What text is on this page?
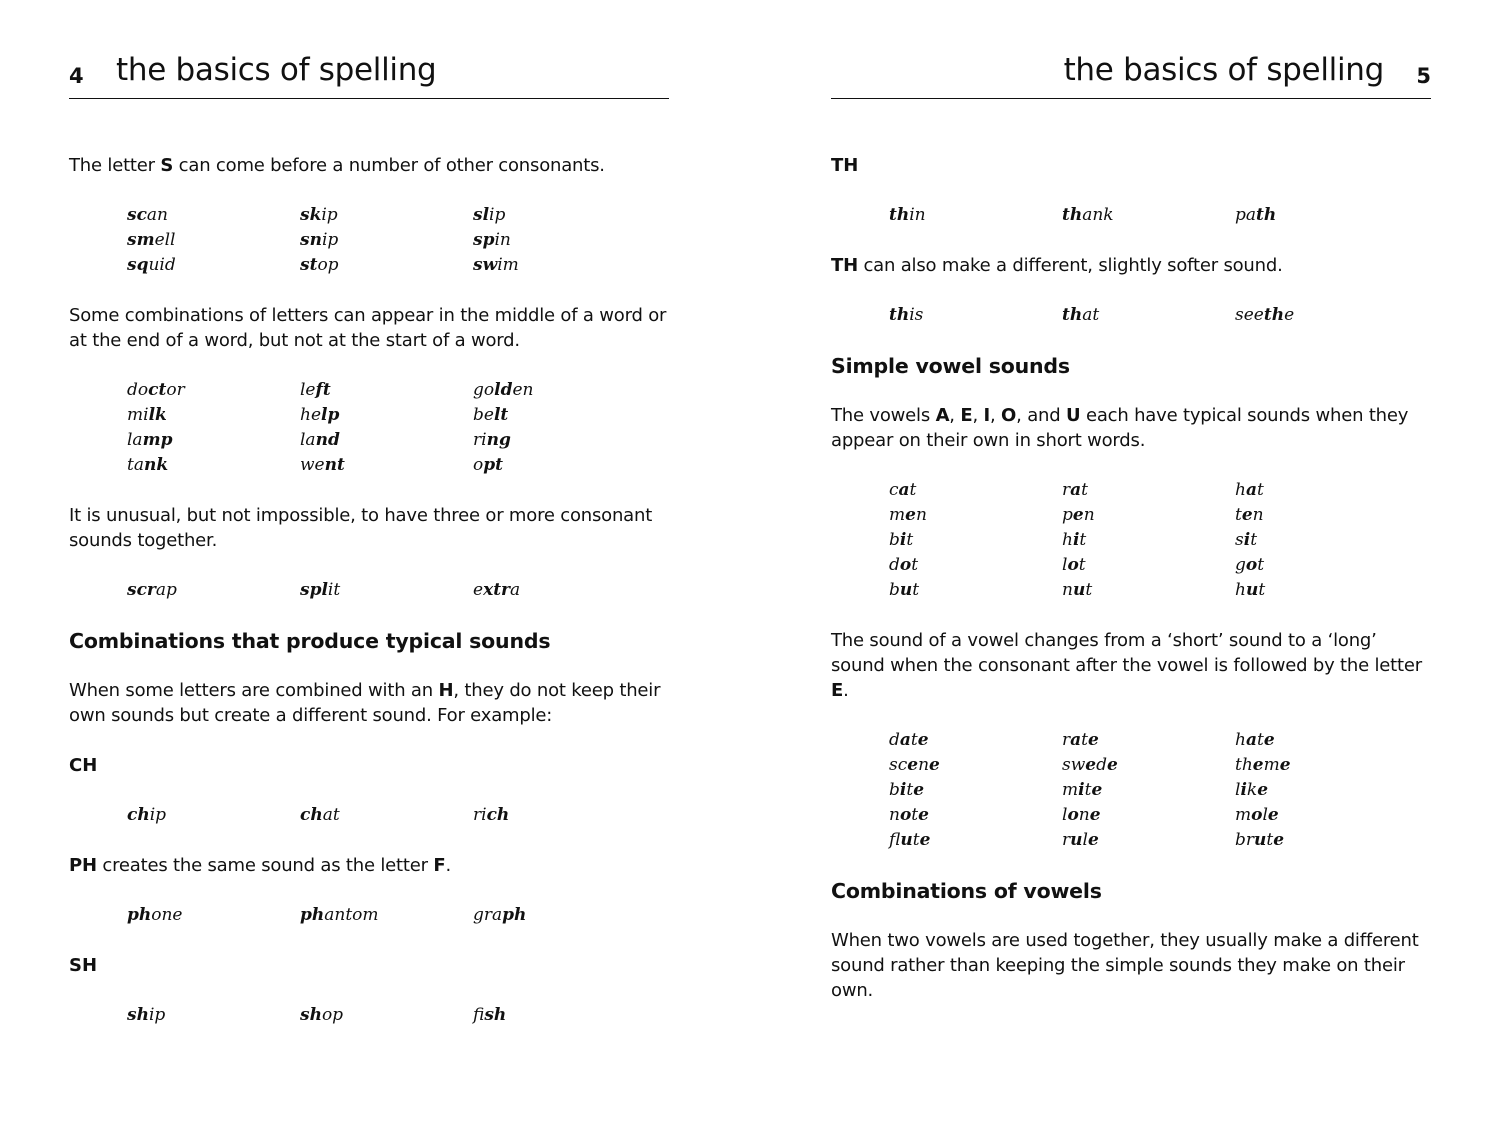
4 the basics of spelling

The letter S can come before a number of other consonants.

scan	skip	slip
smell	snip	spin
squid	stop	swim

Some combinations of letters can appear in the middle of a word or at the end of a word, but not at the start of a word.

doctor	left	golden
milk	help	belt
lamp	land	ring
tank	went	opt

It is unusual, but not impossible, to have three or more consonant sounds together.

scrap	split	extra
Combinations that produce typical sounds

When some letters are combined with an H, they do not keep their own sounds but create a different sound. For example:

CH
chip	chat	rich

PH creates the same sound as the letter F.

phone	phantom	graph
SH
ship	shop	fish
the basics of spelling 5
TH
thin	thank	path

TH can also make a different, slightly softer sound.

this	that	seethe
Simple vowel sounds

The vowels A, E, I, O, and U each have typical sounds when they appear on their own in short words.

cat	rat	hat
men	pen	ten
bit	hit	sit
dot	lot	got
but	nut	hut

The sound of a vowel changes from a ‘short’ sound to a ‘long’ sound when the consonant after the vowel is followed by the letter E.

date	rate	hate
scene	swede	theme
bite	mite	like
note	lone	mole
flute	rule	brute
Combinations of vowels

When two vowels are used together, they usually make a different sound rather than keeping the simple sounds they make on their own.
